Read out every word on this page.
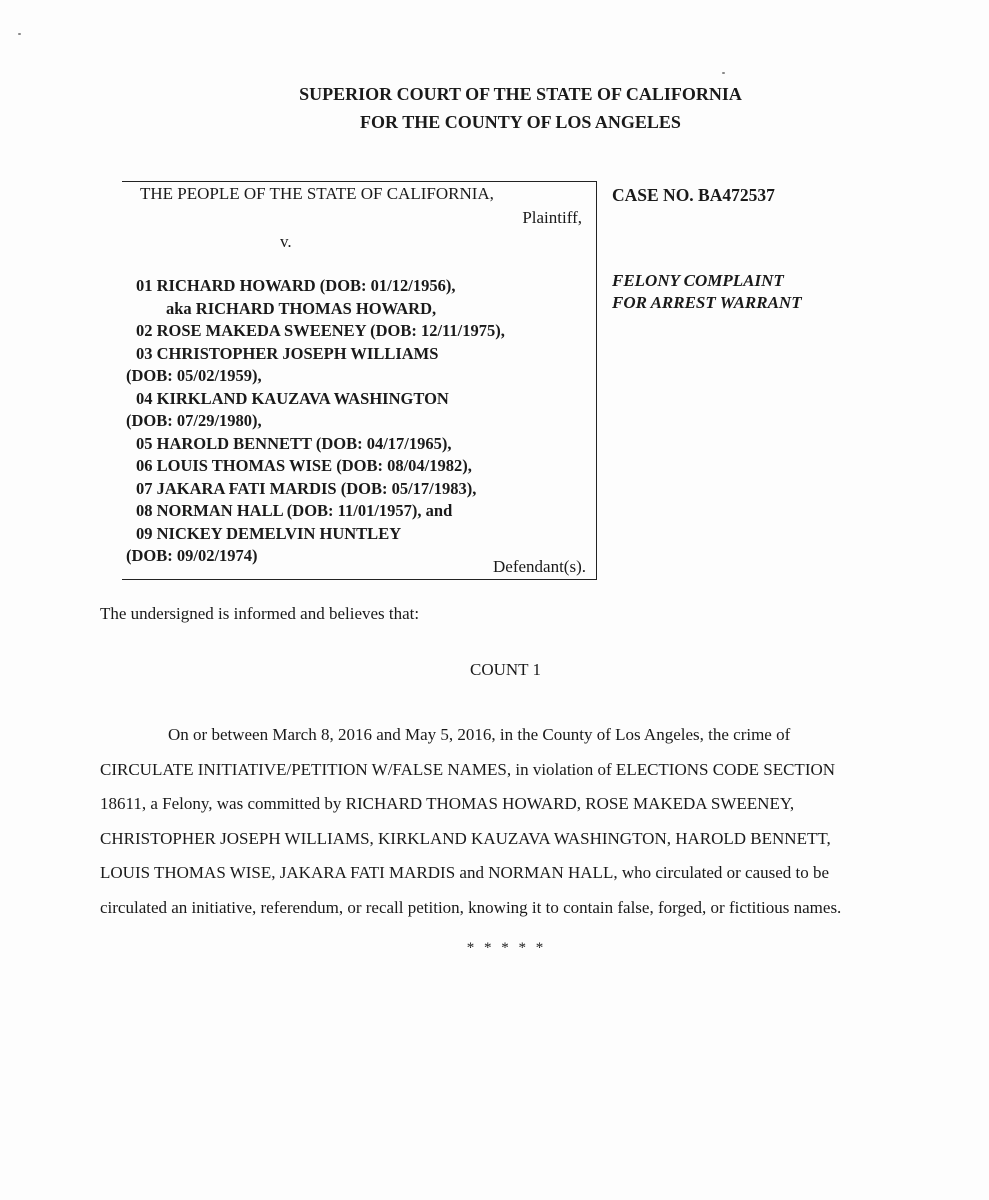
SUPERIOR COURT OF THE STATE OF CALIFORNIA
FOR THE COUNTY OF LOS ANGELES
THE PEOPLE OF THE STATE OF CALIFORNIA,
Plaintiff,
v.
01 RICHARD HOWARD (DOB: 01/12/1956),
aka RICHARD THOMAS HOWARD,
02 ROSE MAKEDA SWEENEY (DOB: 12/11/1975),
03 CHRISTOPHER JOSEPH WILLIAMS
(DOB: 05/02/1959),
04 KIRKLAND KAUZAVA WASHINGTON
(DOB: 07/29/1980),
05 HAROLD BENNETT (DOB: 04/17/1965),
06 LOUIS THOMAS WISE (DOB: 08/04/1982),
07 JAKARA FATI MARDIS (DOB: 05/17/1983),
08 NORMAN HALL (DOB: 11/01/1957), and
09 NICKEY DEMELVIN HUNTLEY
(DOB: 09/02/1974)
Defendant(s).
CASE NO. BA472537
FELONY COMPLAINT
FOR ARREST WARRANT
The undersigned is informed and believes that:
COUNT 1
On or between March 8, 2016 and May 5, 2016, in the County of Los Angeles, the crime of
CIRCULATE INITIATIVE/PETITION W/FALSE NAMES, in violation of ELECTIONS CODE SECTION
18611, a Felony, was committed by RICHARD THOMAS HOWARD, ROSE MAKEDA SWEENEY,
CHRISTOPHER JOSEPH WILLIAMS, KIRKLAND KAUZAVA WASHINGTON, HAROLD BENNETT,
LOUIS THOMAS WISE, JAKARA FATI MARDIS and NORMAN HALL, who circulated or caused to be
circulated an initiative, referendum, or recall petition, knowing it to contain false, forged, or fictitious names.
* * * * *
